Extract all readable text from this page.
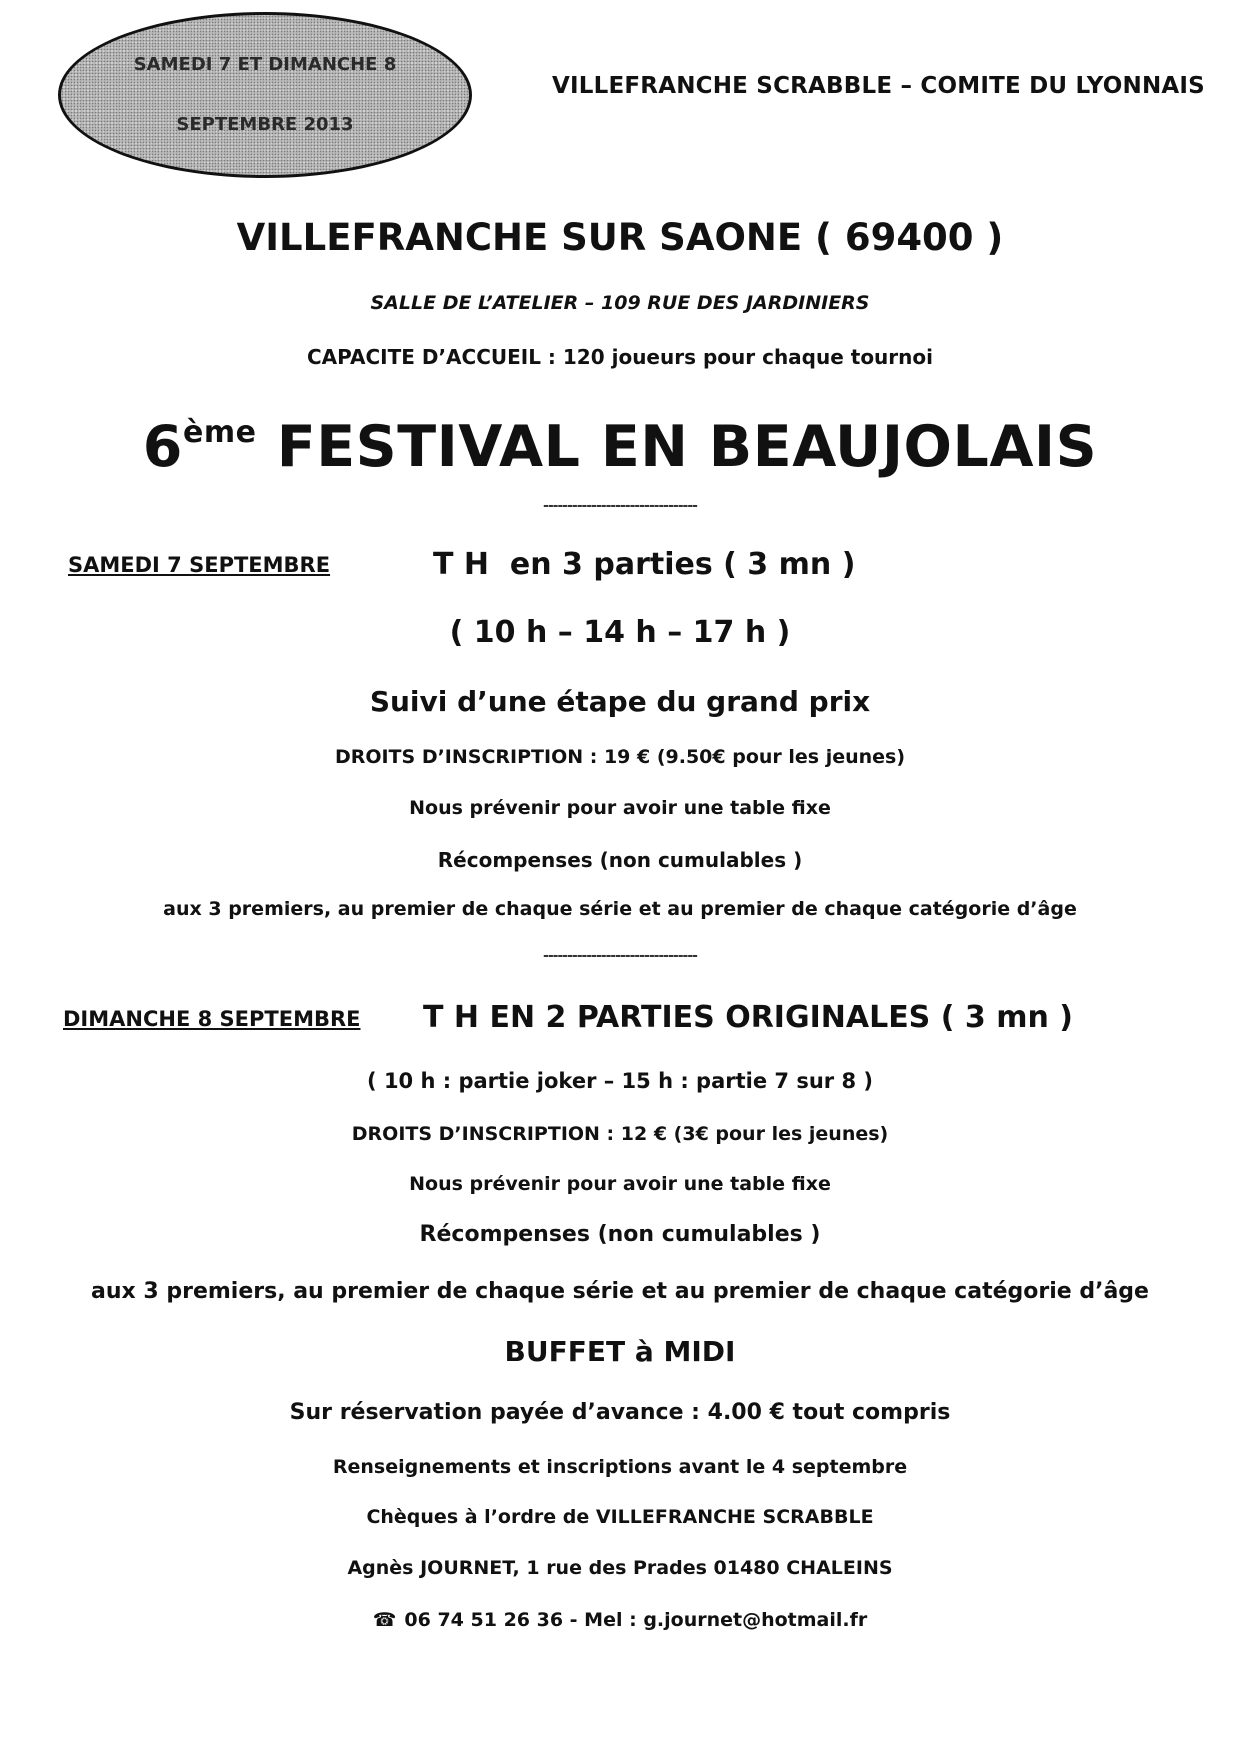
SAMEDI 7 ET DIMANCHE 8
SEPTEMBRE 2013
VILLEFRANCHE SCRABBLE – COMITE DU LYONNAIS
VILLEFRANCHE SUR SAONE ( 69400 )
SALLE DE L’ATELIER – 109 RUE DES JARDINIERS
CAPACITE D’ACCUEIL : 120 joueurs pour chaque tournoi
6ème FESTIVAL EN BEAUJOLAIS
--------------------------------
SAMEDI 7 SEPTEMBRE	T H  en 3 parties ( 3 mn )
( 10 h – 14 h – 17 h )
Suivi d’une étape du grand prix
DROITS D’INSCRIPTION : 19 € (9.50€ pour les jeunes)
Nous prévenir pour avoir une table fixe
Récompenses (non cumulables )
aux 3 premiers, au premier de chaque série et au premier de chaque catégorie d’âge
--------------------------------
DIMANCHE 8 SEPTEMBRE T H EN 2 PARTIES ORIGINALES ( 3 mn )
( 10 h : partie joker – 15 h : partie 7 sur 8 )
DROITS D’INSCRIPTION : 12 € (3€ pour les jeunes)
Nous prévenir pour avoir une table fixe
Récompenses (non cumulables )
aux 3 premiers, au premier de chaque série et au premier de chaque catégorie d’âge
BUFFET à MIDI
Sur réservation payée d’avance : 4.00 € tout compris
Renseignements et inscriptions avant le 4 septembre
Chèques à l’ordre de VILLEFRANCHE SCRABBLE
Agnès JOURNET, 1 rue des Prades 01480 CHALEINS
☎ 06 74 51 26 36 - Mel : g.journet@hotmail.fr
